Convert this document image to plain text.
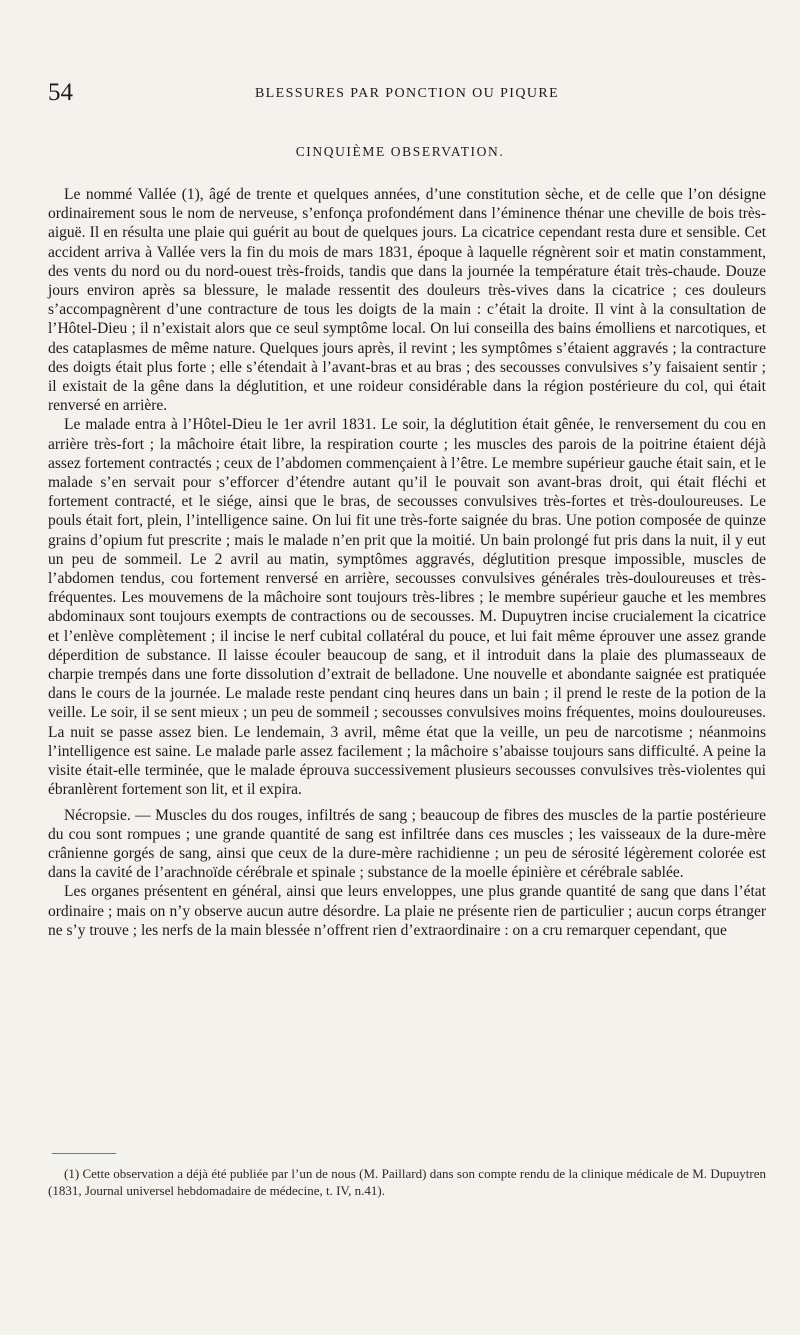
54	BLESSURES PAR PONCTION OU PIQURE
CINQUIÈME OBSERVATION.

Le nommé Vallée (1), âgé de trente et quelques années, d’une constitution sèche, et de celle que l’on désigne ordinairement sous le nom de nerveuse, s’enfonça profondément dans l’éminence thénar une cheville de bois très-aiguë. Il en résulta une plaie qui guérit au bout de quelques jours. La cicatrice cependant resta dure et sensible. Cet accident arriva à Vallée vers la fin du mois de mars 1831, époque à laquelle régnèrent soir et matin constamment, des vents du nord ou du nord-ouest très-froids, tandis que dans la journée la température était très-chaude. Douze jours environ après sa blessure, le malade ressentit des douleurs très-vives dans la cicatrice ; ces douleurs s’accompagnèrent d’une contracture de tous les doigts de la main : c’était la droite. Il vint à la consultation de l’Hôtel-Dieu ; il n’existait alors que ce seul symptôme local. On lui conseilla des bains émolliens et narcotiques, et des cataplasmes de même nature. Quelques jours après, il revint ; les symptômes s’étaient aggravés ; la contracture des doigts était plus forte ; elle s’étendait à l’avant-bras et au bras ; des secousses convulsives s’y faisaient sentir ; il existait de la gêne dans la déglutition, et une roideur considérable dans la région postérieure du col, qui était renversé en arrière.

Le malade entra à l’Hôtel-Dieu le 1er avril 1831. Le soir, la déglutition était gênée, le renversement du cou en arrière très-fort ; la mâchoire était libre, la respiration courte ; les muscles des parois de la poitrine étaient déjà assez fortement contractés ; ceux de l’abdomen commençaient à l’être. Le membre supérieur gauche était sain, et le malade s’en servait pour s’efforcer d’étendre autant qu’il le pouvait son avant-bras droit, qui était fléchi et fortement contracté, et le siége, ainsi que le bras, de secousses convulsives très-fortes et très-douloureuses. Le pouls était fort, plein, l’intelligence saine. On lui fit une très-forte saignée du bras. Une potion composée de quinze grains d’opium fut prescrite ; mais le malade n’en prit que la moitié. Un bain prolongé fut pris dans la nuit, il y eut un peu de sommeil. Le 2 avril au matin, symptômes aggravés, déglutition presque impossible, muscles de l’abdomen tendus, cou fortement renversé en arrière, secousses convulsives générales très-douloureuses et très-fréquentes. Les mouvemens de la mâchoire sont toujours très-libres ; le membre supérieur gauche et les membres abdominaux sont toujours exempts de contractions ou de secousses. M. Dupuytren incise crucialement la cicatrice et l’enlève complètement ; il incise le nerf cubital collatéral du pouce, et lui fait même éprouver une assez grande déperdition de substance. Il laisse écouler beaucoup de sang, et il introduit dans la plaie des plumasseaux de charpie trempés dans une forte dissolution d’extrait de belladone. Une nouvelle et abondante saignée est pratiquée dans le cours de la journée. Le malade reste pendant cinq heures dans un bain ; il prend le reste de la potion de la veille. Le soir, il se sent mieux ; un peu de sommeil ; secousses convulsives moins fréquentes, moins douloureuses. La nuit se passe assez bien. Le lendemain, 3 avril, même état que la veille, un peu de narcotisme ; néanmoins l’intelligence est saine. Le malade parle assez facilement ; la mâchoire s’abaisse toujours sans difficulté. A peine la visite était-elle terminée, que le malade éprouva successivement plusieurs secousses convulsives très-violentes qui ébranlèrent fortement son lit, et il expira.

Nécropsie. — Muscles du dos rouges, infiltrés de sang ; beaucoup de fibres des muscles de la partie postérieure du cou sont rompues ; une grande quantité de sang est infiltrée dans ces muscles ; les vaisseaux de la dure-mère crânienne gorgés de sang, ainsi que ceux de la dure-mère rachidienne ; un peu de sérosité légèrement colorée est dans la cavité de l’arachnoïde cérébrale et spinale ; substance de la moelle épinière et cérébrale sablée.

Les organes présentent en général, ainsi que leurs enveloppes, une plus grande quantité de sang que dans l’état ordinaire ; mais on n’y observe aucun autre désordre. La plaie ne présente rien de particulier ; aucun corps étranger ne s’y trouve ; les nerfs de la main blessée n’offrent rien d’extraordinaire : on a cru remarquer cependant, que

(1) Cette observation a déjà été publiée par l’un de nous (M. Paillard) dans son compte rendu de la clinique médicale de M. Dupuytren (1831, Journal universel hebdomadaire de médecine, t. IV, n.41).
